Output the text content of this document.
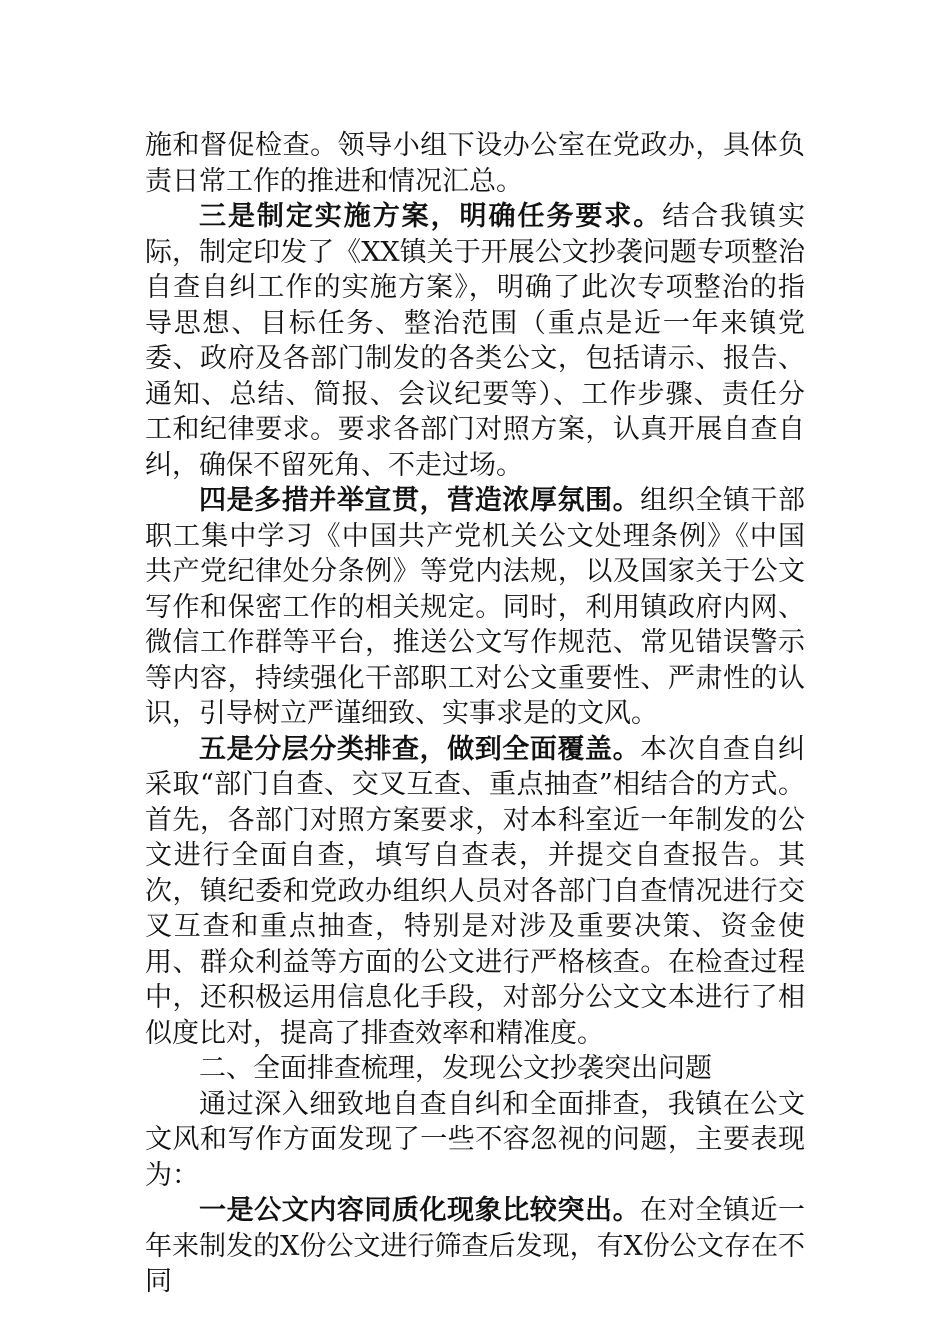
施和督促检查。领导小组下设办公室在党政办，具体负责日常工作的推进和情况汇总。

三是制定实施方案，明确任务要求。结合我镇实际，制定印发了《XX镇关于开展公文抄袭问题专项整治自查自纠工作的实施方案》，明确了此次专项整治的指导思想、目标任务、整治范围（重点是近一年来镇党委、政府及各部门制发的各类公文，包括请示、报告、通知、总结、简报、会议纪要等）、工作步骤、责任分工和纪律要求。要求各部门对照方案，认真开展自查自纠，确保不留死角、不走过场。

四是多措并举宣贯，营造浓厚氛围。组织全镇干部职工集中学习《中国共产党机关公文处理条例》《中国共产党纪律处分条例》等党内法规，以及国家关于公文写作和保密工作的相关规定。同时，利用镇政府内网、微信工作群等平台，推送公文写作规范、常见错误警示等内容，持续强化干部职工对公文重要性、严肃性的认识，引导树立严谨细致、实事求是的文风。

五是分层分类排查，做到全面覆盖。本次自查自纠采取“部门自查、交叉互查、重点抽查”相结合的方式。首先，各部门对照方案要求，对本科室近一年制发的公文进行全面自查，填写自查表，并提交自查报告。其次，镇纪委和党政办组织人员对各部门自查情况进行交叉互查和重点抽查，特别是对涉及重要决策、资金使用、群众利益等方面的公文进行严格核查。在检查过程中，还积极运用信息化手段，对部分公文文本进行了相似度比对，提高了排查效率和精准度。

二、全面排查梳理，发现公文抄袭突出问题

通过深入细致地自查自纠和全面排查，我镇在公文文风和写作方面发现了一些不容忽视的问题，主要表现为：

一是公文内容同质化现象比较突出。在对全镇近一年来制发的X份公文进行筛查后发现，有X份公文存在不同
